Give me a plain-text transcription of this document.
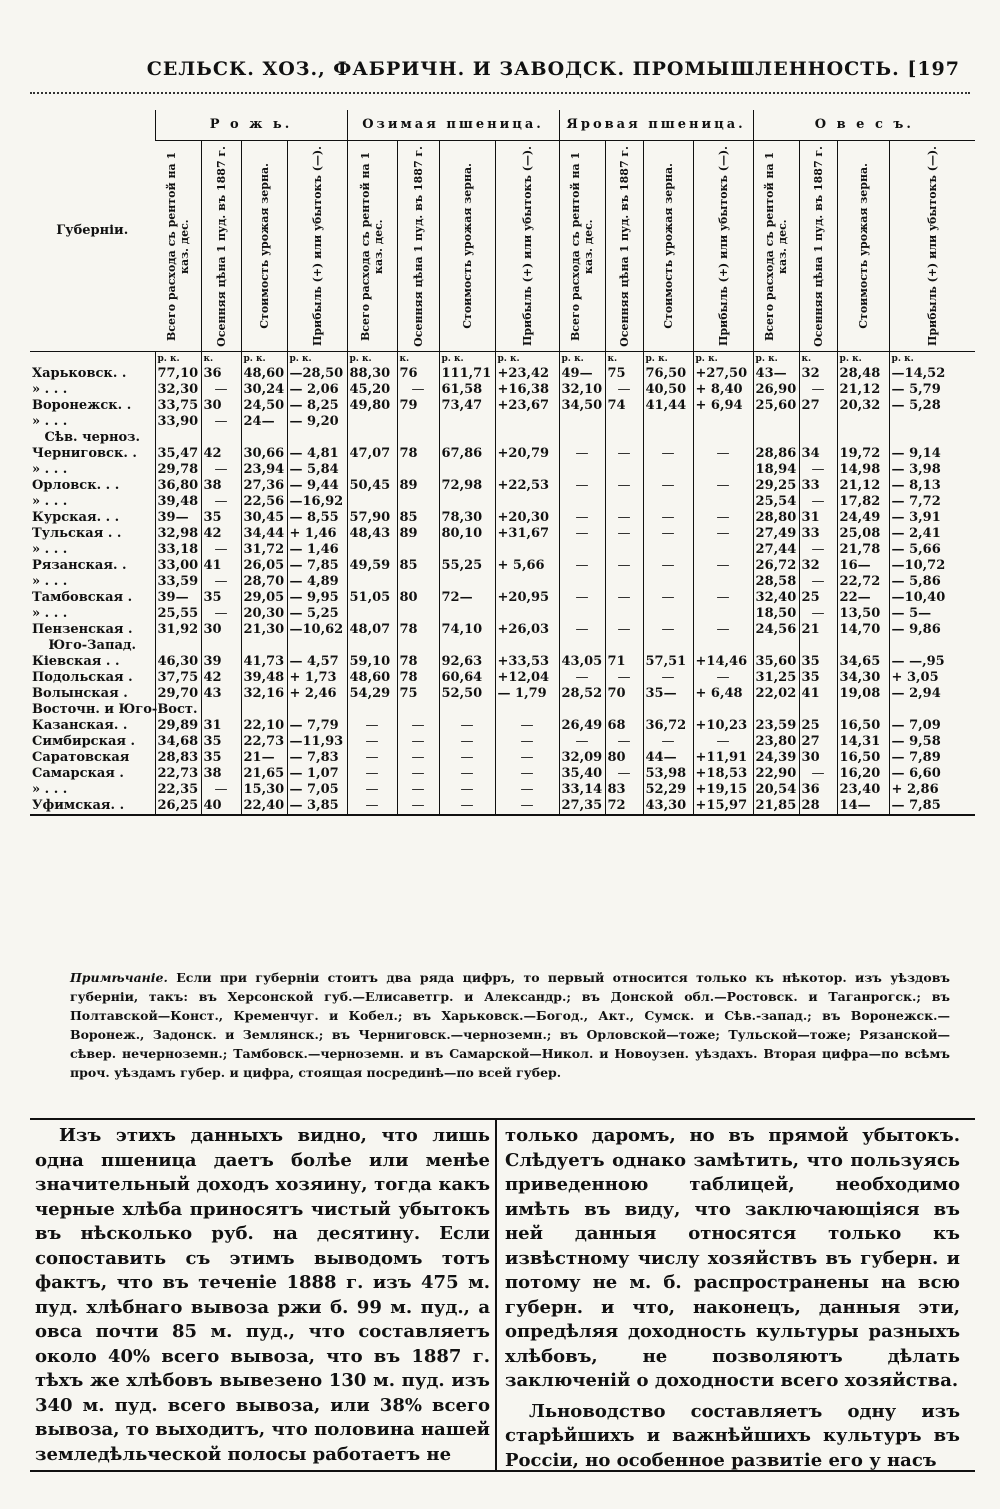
СЕЛЬСК. ХОЗ., ФАБРИЧН. И ЗАВОДСК. ПРОМЫШЛЕННОСТЬ. [197
Губерніи.	Р о ж ь.				Озимая пшеница.				Яровая пшеница.				О в е с ъ.			

	Всего расхода съ рентой на 1 каз. дес.	Осенняя цѣна 1 пуд. въ 1887 г.	Стоимость урожая зерна.	Прибыль (+) или убытокъ (—).	Всего расхода съ рентой на 1 каз. дес.	Осенняя цѣна 1 пуд. въ 1887 г.	Стоимость урожая зерна.	Прибыль (+) или убытокъ (—).	Всего расхода съ рентой на 1 каз. дес.	Осенняя цѣна 1 пуд. въ 1887 г.	Стоимость урожая зерна.	Прибыль (+) или убытокъ (—).	Всего расхода съ рентой на 1 каз. дес.	Осенняя цѣна 1 пуд. въ 1887 г.	Стоимость урожая зерна.	Прибыль (+) или убытокъ (—).

	р. к.	к.	р. к.	р. к.	р. к.	к.	р. к.	р. к.	р. к.	к.	р. к.	р. к.	р. к.	к.	р. к.	р. к.
Харьковск. .	77,10	36	48,60	—28,50	88,30	76	111,71	+23,42	49—	75	76,50	+27,50	43—	32	28,48	—14,52
» . . .	32,30	—	30,24	— 2,06	45,20	—	61,58	+16,38	32,10	—	40,50	+ 8,40	26,90	—	21,12	— 5,79
Воронежск. .	33,75	30	24,50	— 8,25	49,80	79	73,47	+23,67	34,50	74	41,44	+ 6,94	25,60	27	20,32	— 5,28
» . . .	33,90	—	24—	— 9,20												
Сѣв. черноз.																
Черниговск. .	35,47	42	30,66	— 4,81	47,07	78	67,86	+20,79	—	—	—	—	28,86	34	19,72	— 9,14
» . . .	29,78	—	23,94	— 5,84									18,94	—	14,98	— 3,98
Орловск. . .	36,80	38	27,36	— 9,44	50,45	89	72,98	+22,53	—	—	—	—	29,25	33	21,12	— 8,13
» . . .	39,48	—	22,56	—16,92									25,54	—	17,82	— 7,72
Курская. . .	39—	35	30,45	— 8,55	57,90	85	78,30	+20,30	—	—	—	—	28,80	31	24,49	— 3,91
Тульская . .	32,98	42	34,44	+ 1,46	48,43	89	80,10	+31,67	—	—	—	—	27,49	33	25,08	— 2,41
» . . .	33,18	—	31,72	— 1,46									27,44	—	21,78	— 5,66
Рязанская. .	33,00	41	26,05	— 7,85	49,59	85	55,25	+ 5,66	—	—	—	—	26,72	32	16—	—10,72
» . . .	33,59	—	28,70	— 4,89									28,58	—	22,72	— 5,86
Тамбовская .	39—	35	29,05	— 9,95	51,05	80	72—	+20,95	—	—	—	—	32,40	25	22—	—10,40
» . . .	25,55	—	20,30	— 5,25									18,50	—	13,50	— 5—
Пензенская .	31,92	30	21,30	—10,62	48,07	78	74,10	+26,03	—	—	—	—	24,56	21	14,70	— 9,86
Юго-Запад.																
Кіевская . .	46,30	39	41,73	— 4,57	59,10	78	92,63	+33,53	43,05	71	57,51	+14,46	35,60	35	34,65	— —,95
Подольская .	37,75	42	39,48	+ 1,73	48,60	78	60,64	+12,04	—	—	—	—	31,25	35	34,30	+ 3,05
Волынская .	29,70	43	32,16	+ 2,46	54,29	75	52,50	— 1,79	28,52	70	35—	+ 6,48	22,02	41	19,08	— 2,94
Восточн. и Юго-Вост.																
Казанская. .	29,89	31	22,10	— 7,79	—	—	—	—	26,49	68	36,72	+10,23	23,59	25	16,50	— 7,09
Симбирская .	34,68	35	22,73	—11,93	—	—	—	—	—	—	—	—	23,80	27	14,31	— 9,58
Саратовская	28,83	35	21—	— 7,83	—	—	—	—	32,09	80	44—	+11,91	24,39	30	16,50	— 7,89
Самарская .	22,73	38	21,65	— 1,07	—	—	—	—	35,40	—	53,98	+18,53	22,90	—	16,20	— 6,60
» . . .	22,35	—	15,30	— 7,05	—	—	—	—	33,14	83	52,29	+19,15	20,54	36	23,40	+ 2,86
Уфимская. .	26,25	40	22,40	— 3,85	—	—	—	—	27,35	72	43,30	+15,97	21,85	28	14—	— 7,85
Примѣчаніе. Если при губерніи стоитъ два ряда цифръ, то первый относится только къ нѣкотор. изъ уѣздовъ губерніи, такъ: въ Херсонской губ.—Елисаветгр. и Александр.; въ Донской обл.—Ростовск. и Таганрогск.; въ Полтавской—Конст., Кременчуг. и Кобел.; въ Харьковск.—Богод., Акт., Сумск. и Сѣв.-запад.; въ Воронежск.—Воронеж., Задонск. и Землянск.; въ Черниговск.—черноземн.; въ Орловской—тоже; Тульской—тоже; Рязанской—сѣвер. нечерноземн.; Тамбовск.—черноземн. и въ Самарской—Никол. и Новоузен. уѣздахъ. Вторая цифра—по всѣмъ проч. уѣздамъ губер. и цифра, стоящая посрединѣ—по всей губер.

Изъ этихъ данныхъ видно, что лишь одна пшеница даетъ болѣе или менѣе значительный доходъ хозяину, тогда какъ черные хлѣба приносятъ чистый убытокъ въ нѣсколько руб. на десятину. Если сопоставить съ этимъ выводомъ тотъ фактъ, что въ теченіе 1888 г. изъ 475 м. пуд. хлѣбнаго вывоза ржи б. 99 м. пуд., а овса почти 85 м. пуд., что составляетъ около 40% всего вывоза, что въ 1887 г. тѣхъ же хлѣбовъ вывезено 130 м. пуд. изъ 340 м. пуд. всего вывоза, или 38% всего вывоза, то выходитъ, что половина нашей земледѣльческой полосы работаетъ не

только даромъ, но въ прямой убытокъ. Слѣдуетъ однако замѣтить, что пользуясь приведенною таблицей, необходимо имѣть въ виду, что заключающіяся въ ней данныя относятся только къ извѣстному числу хозяйствъ въ губерн. и потому не м. б. распространены на всю губерн. и что, наконецъ, данныя эти, опредѣляя доходность культуры разныхъ хлѣбовъ, не позволяютъ дѣлать заключеній о доходности всего хозяйства.

Льноводство составляетъ одну изъ старѣйшихъ и важнѣйшихъ культуръ въ Россіи, но особенное развитіе его у насъ
